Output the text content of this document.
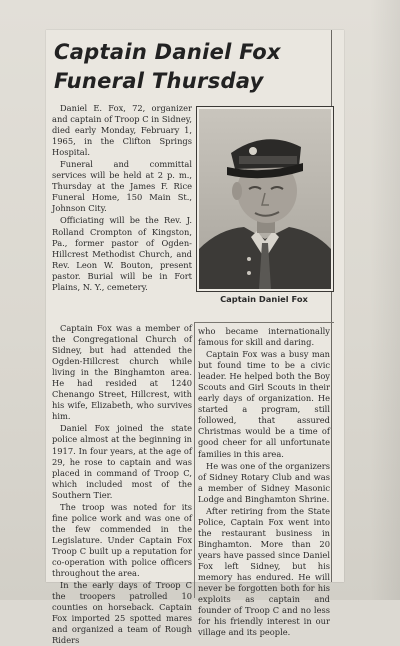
Captain Daniel Fox
Funeral Thursday

Daniel E. Fox, 72, organizer and captain of Troop C in Sidney, died early Monday, February 1, 1965, in the Clifton Springs Hospital.

Funeral and committal services will be held at 2 p. m., Thursday at the James F. Rice Funeral Home, 150 Main St., Johnson City.

Officiating will be the Rev. J. Rolland Crompton of Kingston, Pa., former pastor of Ogden-Hillcrest Methodist Church, and Rev. Leon W. Bouton, present pastor. Burial will be in Fort Plains, N. Y., cemetery.

Captain Daniel Fox

Captain Fox was a member of the Congregational Church of Sidney, but had attended the Ogden-Hillcrest church while living in the Binghamton area. He had resided at 1240 Chenango Street, Hillcrest, with his wife, Elizabeth, who survives him.

Daniel Fox joined the state police almost at the beginning in 1917. In four years, at the age of 29, he rose to captain and was placed in command of Troop C, which included most of the Southern Tier.

The troop was noted for its fine police work and was one of the few commended in the Legislature. Under Captain Fox Troop C built up a reputation for co-operation with police officers throughout the area.

In the early days of Troop C the troopers patrolled 10 counties on horseback. Captain Fox imported 25 spotted mares and organized a team of Rough Riders

who became internationally famous for skill and daring.

Captain Fox was a busy man but found time to be a civic leader. He helped both the Boy Scouts and Girl Scouts in their early days of organization. He started a program, still followed, that assured Christmas would be a time of good cheer for all unfortunate families in this area.

He was one of the organizers of Sidney Rotary Club and was a member of Sidney Masonic Lodge and Binghamton Shrine.

After retiring from the State Police, Captain Fox went into the restaurant business in Binghamton. More than 20 years have passed since Daniel Fox left Sidney, but his memory has endured. He will never be forgotten both for his exploits as captain and founder of Troop C and no less for his friendly interest in our village and its people.
